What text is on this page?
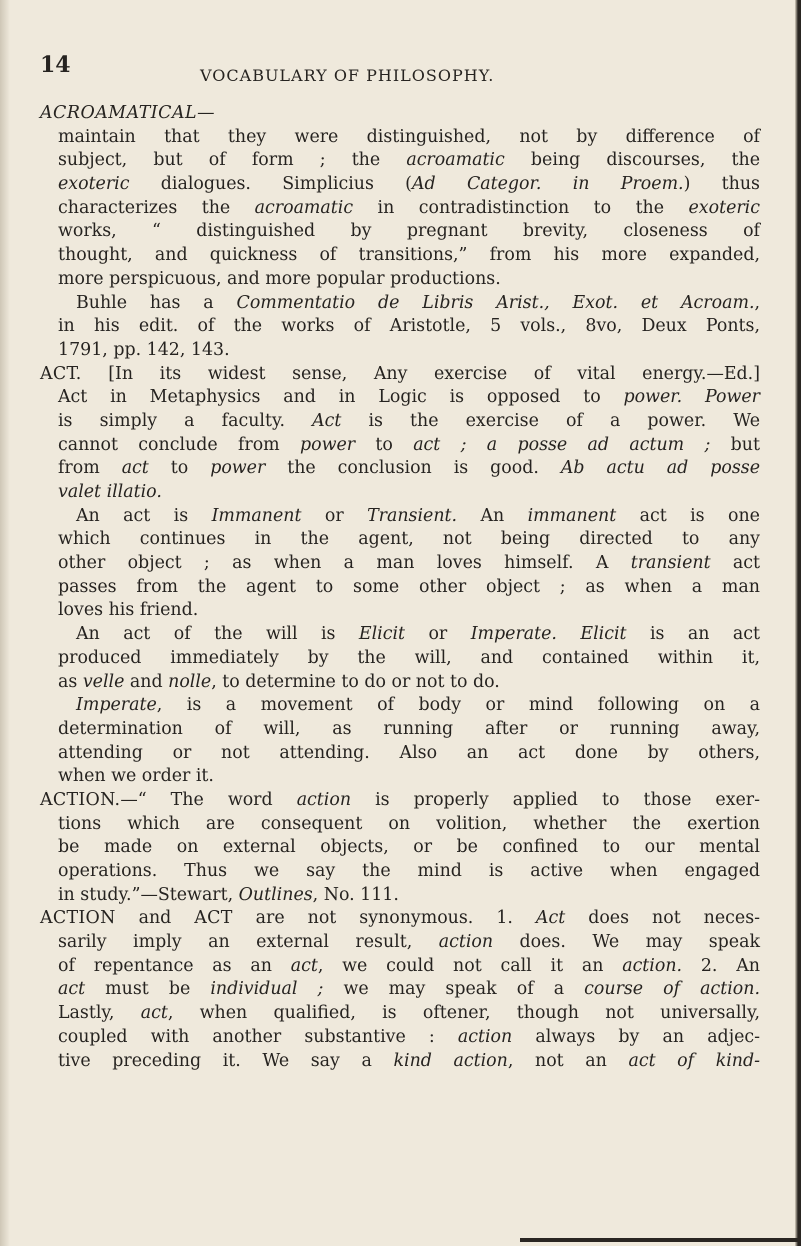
14	VOCABULARY OF PHILOSOPHY.
ACROAMATICAL—
maintain that they were distinguished, not by difference of
subject, but of form ; the acroamatic being discourses, the
exoteric dialogues. Simplicius (Ad Categor. in Proem.) thus
characterizes the acroamatic in contradistinction to the exoteric
works, “ distinguished by pregnant brevity, closeness of
thought, and quickness of transitions,” from his more expanded,
more perspicuous, and more popular productions.
Buhle has a Commentatio de Libris Arist., Exot. et Acroam.,
in his edit. of the works of Aristotle, 5 vols., 8vo, Deux Ponts,
1791, pp. 142, 143.
ACT. [In its widest sense, Any exercise of vital energy.—Ed.]
Act in Metaphysics and in Logic is opposed to power. Power
is simply a faculty. Act is the exercise of a power. We
cannot conclude from power to act ; a posse ad actum ; but
from act to power the conclusion is good. Ab actu ad posse
valet illatio.
An act is Immanent or Transient. An immanent act is one
which continues in the agent, not being directed to any
other object ; as when a man loves himself. A transient act
passes from the agent to some other object ; as when a man
loves his friend.
An act of the will is Elicit or Imperate. Elicit is an act
produced immediately by the will, and contained within it,
as velle and nolle, to determine to do or not to do.
Imperate, is a movement of body or mind following on a
determination of will, as running after or running away,
attending or not attending. Also an act done by others,
when we order it.
ACTION.—“ The word action is properly applied to those exer-
tions which are consequent on volition, whether the exertion
be made on external objects, or be confined to our mental
operations. Thus we say the mind is active when engaged
in study.”—Stewart, Outlines, No. 111.
ACTION and ACT are not synonymous. 1. Act does not neces-
sarily imply an external result, action does. We may speak
of repentance as an act, we could not call it an action. 2. An
act must be individual ; we may speak of a course of action.
Lastly, act, when qualified, is oftener, though not universally,
coupled with another substantive : action always by an adjec-
tive preceding it. We say a kind action, not an act of kind-
